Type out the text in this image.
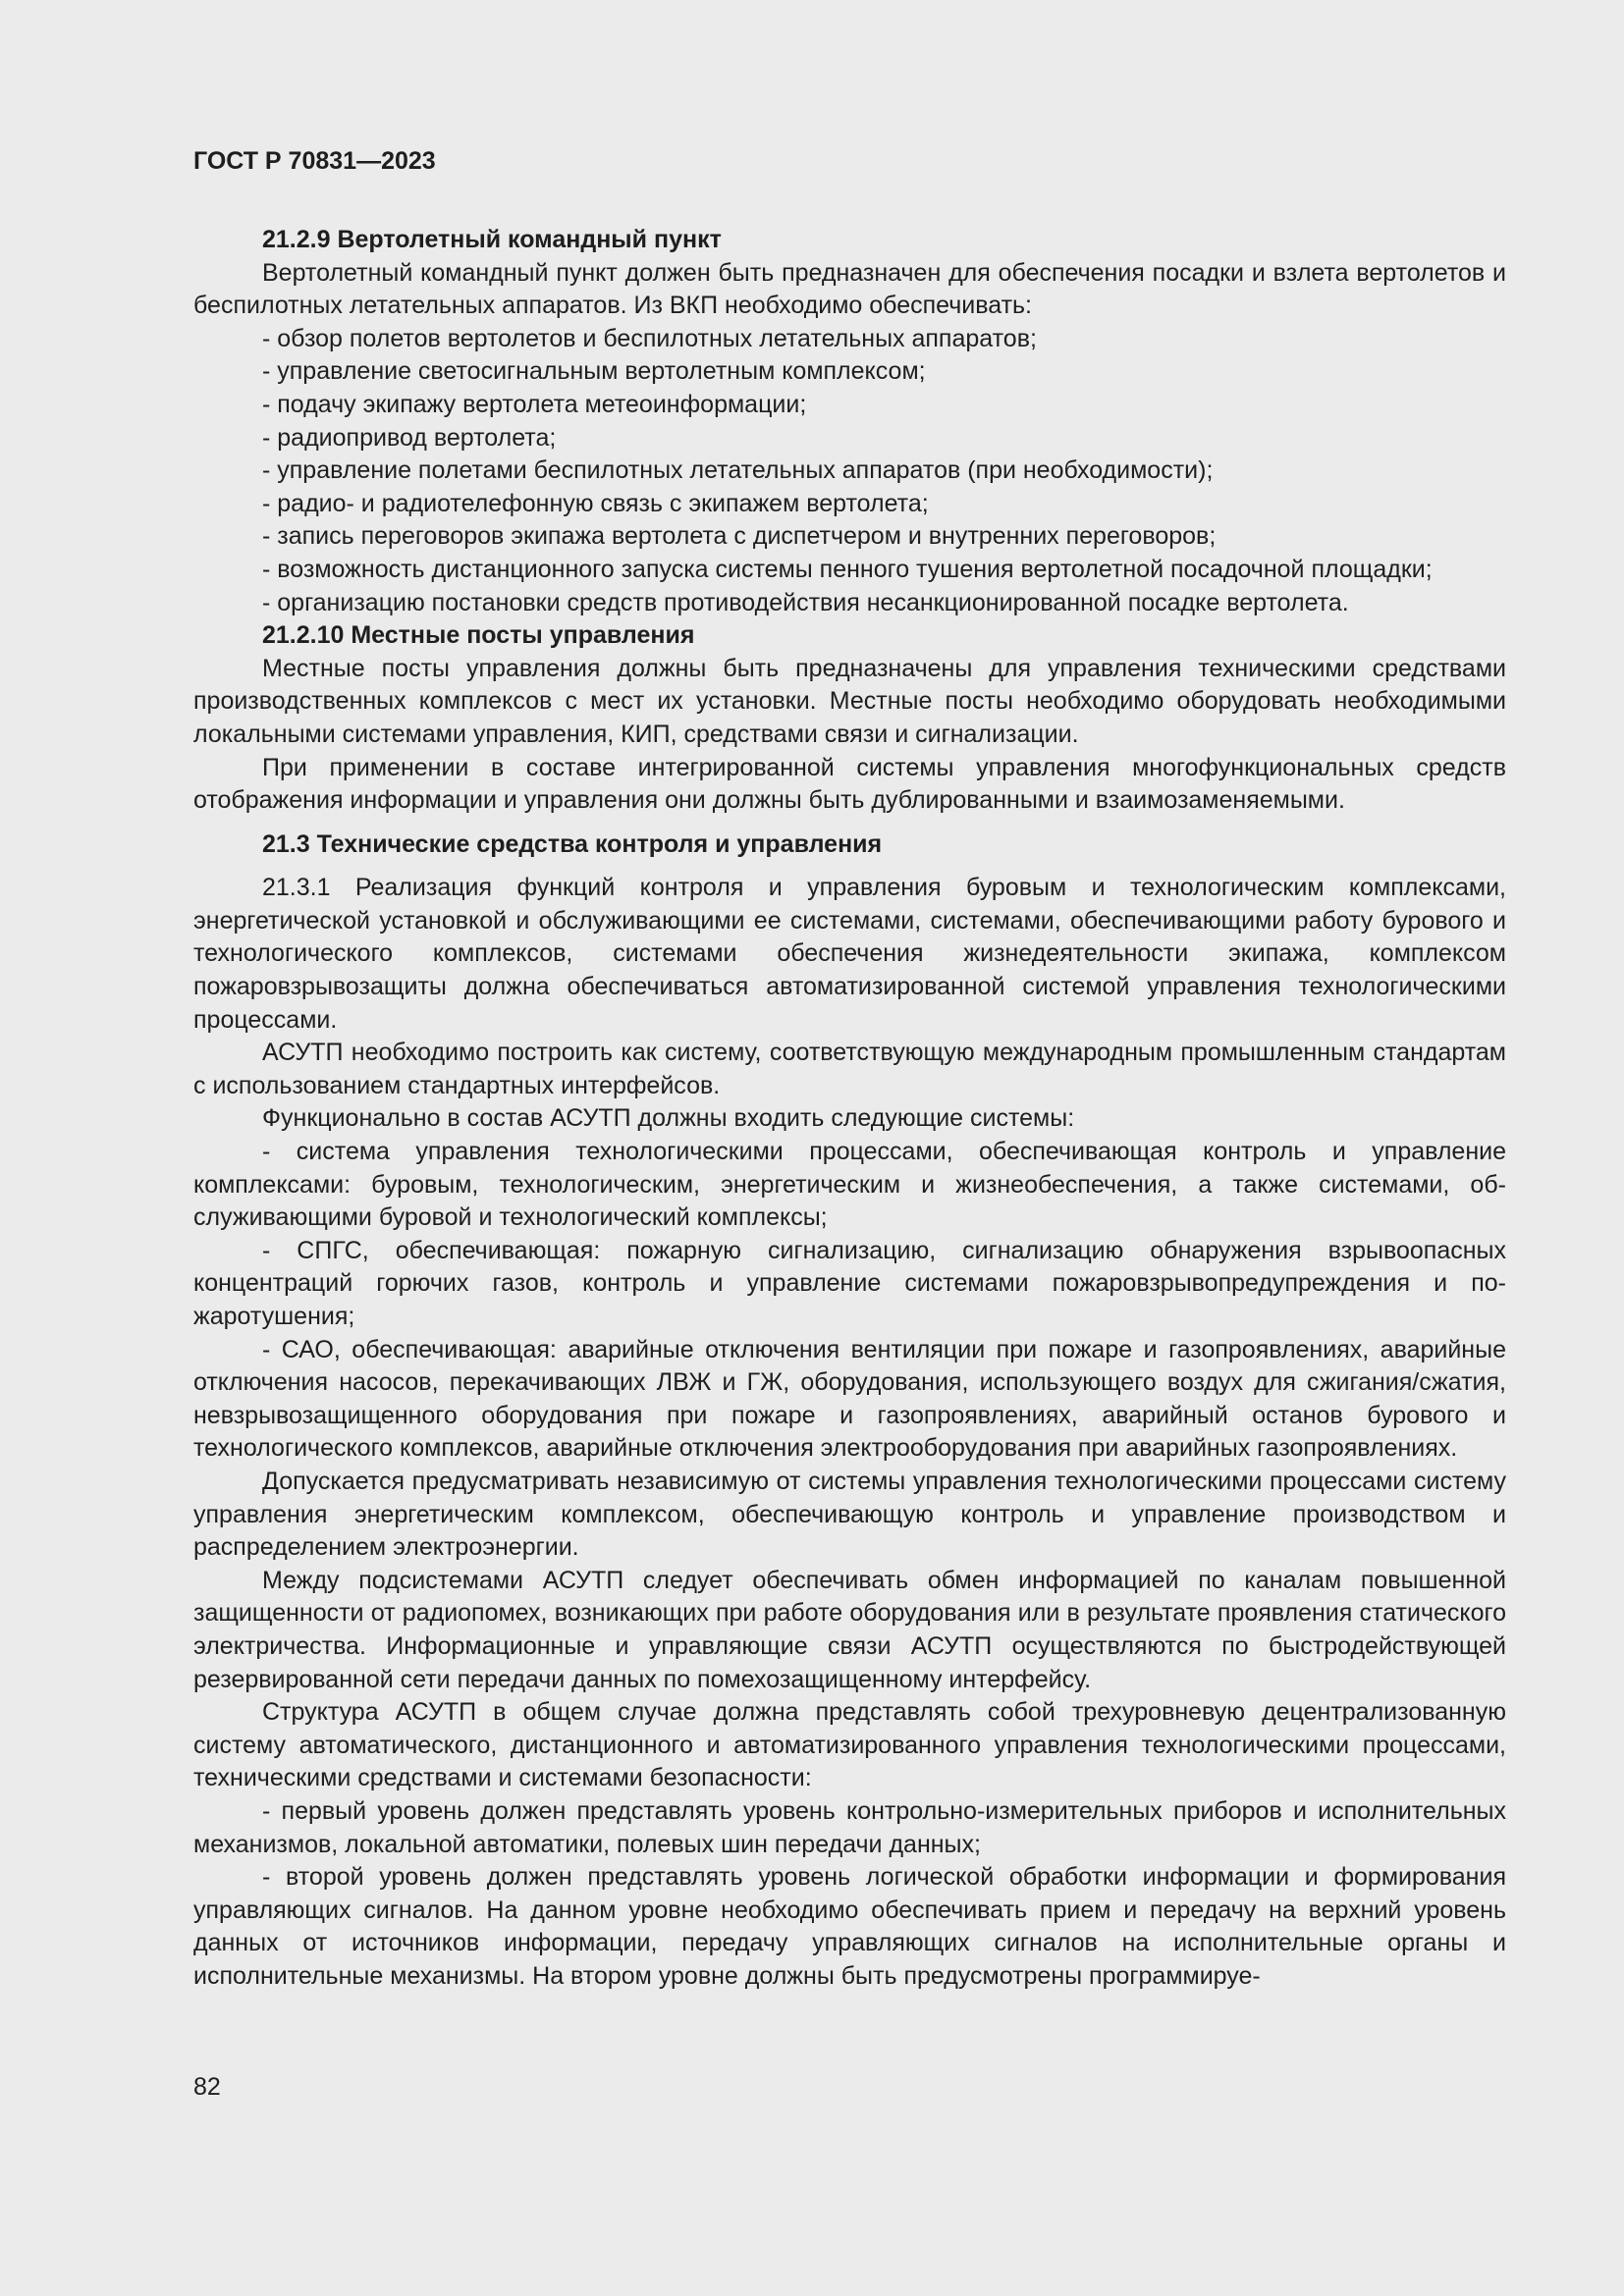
ГОСТ Р 70831—2023

21.2.9 Вертолетный командный пункт

Вертолетный командный пункт должен быть предназначен для обеспечения посадки и взлета вертолетов и беспилотных летательных аппаратов. Из ВКП необходимо обеспечивать:

- обзор полетов вертолетов и беспилотных летательных аппаратов;

- управление светосигнальным вертолетным комплексом;

- подачу экипажу вертолета метеоинформации;

- радиопривод вертолета;

- управление полетами беспилотных летательных аппаратов (при необходимости);

- радио- и радиотелефонную связь с экипажем вертолета;

- запись переговоров экипажа вертолета с диспетчером и внутренних переговоров;

- возможность дистанционного запуска системы пенного тушения вертолетной посадочной площадки;

- организацию постановки средств противодействия несанкционированной посадке вертолета.

21.2.10 Местные посты управления

Местные посты управления должны быть предназначены для управления техническими средствами производственных комплексов с мест их установки. Местные посты необходимо оборудовать необходимыми локальными системами управления, КИП, средствами связи и сигнализации.

При применении в составе интегрированной системы управления многофункциональных средств отображения информации и управления они должны быть дублированными и взаимозаменяемыми.

21.3 Технические средства контроля и управления

21.3.1 Реализация функций контроля и управления буровым и технологическим комплексами, энергетической установкой и обслуживающими ее системами, системами, обеспечивающими работу бурового и технологического комплексов, системами обеспечения жизнедеятельности экипажа, комплексом пожаровзрывозащиты должна обеспечиваться автоматизированной системой управления технологическими процессами.

АСУТП необходимо построить как систему, соответствующую международным промышленным стандартам с использованием стандартных интерфейсов.

Функционально в состав АСУТП должны входить следующие системы:

- система управления технологическими процессами, обеспечивающая контроль и управление комплексами: буровым, технологическим, энергетическим и жизнеобеспечения, а также системами, обслуживающими буровой и технологический комплексы;

- СПГС, обеспечивающая: пожарную сигнализацию, сигнализацию обнаружения взрывоопасных концентраций горючих газов, контроль и управление системами пожаровзрывопредупреждения и пожаротушения;

- САО, обеспечивающая: аварийные отключения вентиляции при пожаре и газопроявлениях, аварийные отключения насосов, перекачивающих ЛВЖ и ГЖ, оборудования, использующего воздух для сжигания/сжатия, невзрывозащищенного оборудования при пожаре и газопроявлениях, аварийный останов бурового и технологического комплексов, аварийные отключения электрооборудования при аварийных газопроявлениях.

Допускается предусматривать независимую от системы управления технологическими процессами систему управления энергетическим комплексом, обеспечивающую контроль и управление производством и распределением электроэнергии.

Между подсистемами АСУТП следует обеспечивать обмен информацией по каналам повышенной защищенности от радиопомех, возникающих при работе оборудования или в результате проявления статического электричества. Информационные и управляющие связи АСУТП осуществляются по быстродействующей резервированной сети передачи данных по помехозащищенному интерфейсу.

Структура АСУТП в общем случае должна представлять собой трехуровневую децентрализованную систему автоматического, дистанционного и автоматизированного управления технологическими процессами, техническими средствами и системами безопасности:

- первый уровень должен представлять уровень контрольно-измерительных приборов и исполнительных механизмов, локальной автоматики, полевых шин передачи данных;

- второй уровень должен представлять уровень логической обработки информации и формирования управляющих сигналов. На данном уровне необходимо обеспечивать прием и передачу на верхний уровень данных от источников информации, передачу управляющих сигналов на исполнительные органы и исполнительные механизмы. На втором уровне должны быть предусмотрены программируе-

82
